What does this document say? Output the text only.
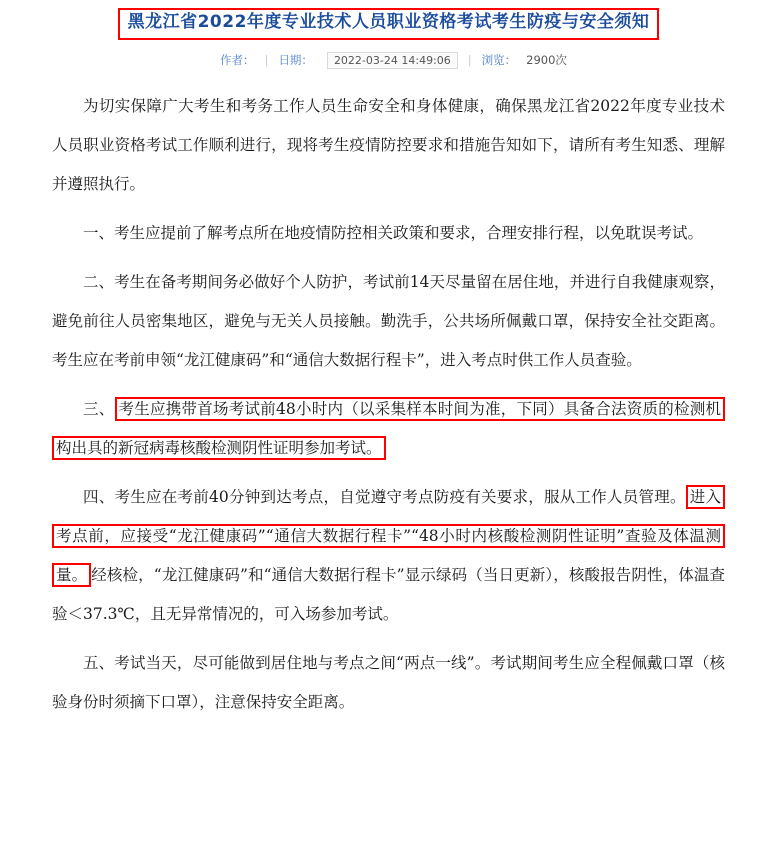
黑龙江省2022年度专业技术人员职业资格考试考生防疫与安全须知
作者： | 日期：	2022-03-24 14:49:06	| 浏览： 2900次

为切实保障广大考生和考务工作人员生命安全和身体健康，确保黑龙江省2022年度专业技术人员职业资格考试工作顺利进行，现将考生疫情防控要求和措施告知如下，请所有考生知悉、理解并遵照执行。

一、考生应提前了解考点所在地疫情防控相关政策和要求，合理安排行程，以免耽误考试。

二、考生在备考期间务必做好个人防护，考试前14天尽量留在居住地，并进行自我健康观察，避免前往人员密集地区，避免与无关人员接触。勤洗手，公共场所佩戴口罩，保持安全社交距离。考生应在考前申领“龙江健康码”和“通信大数据行程卡”，进入考点时供工作人员查验。

三、 考生应携带首场考试前48小时内（以采集样本时间为准，下同）具备合法资质的检测机构出具的新冠病毒核酸检测阴性证明参加考试。

四、考生应在考前40分钟到达考点，自觉遵守考点防疫有关要求，服从工作人员管理。 进入考点前，应接受“龙江健康码”“通信大数据行程卡”“48小时内核酸检测阴性证明”查验及体温测量。 经核检，“龙江健康码”和“通信大数据行程卡”显示绿码（当日更新），核酸报告阴性，体温查验＜37.3℃，且无异常情况的，可入场参加考试。

五、考试当天，尽可能做到居住地与考点之间“两点一线”。考试期间考生应全程佩戴口罩（核验身份时须摘下口罩），注意保持安全距离。
